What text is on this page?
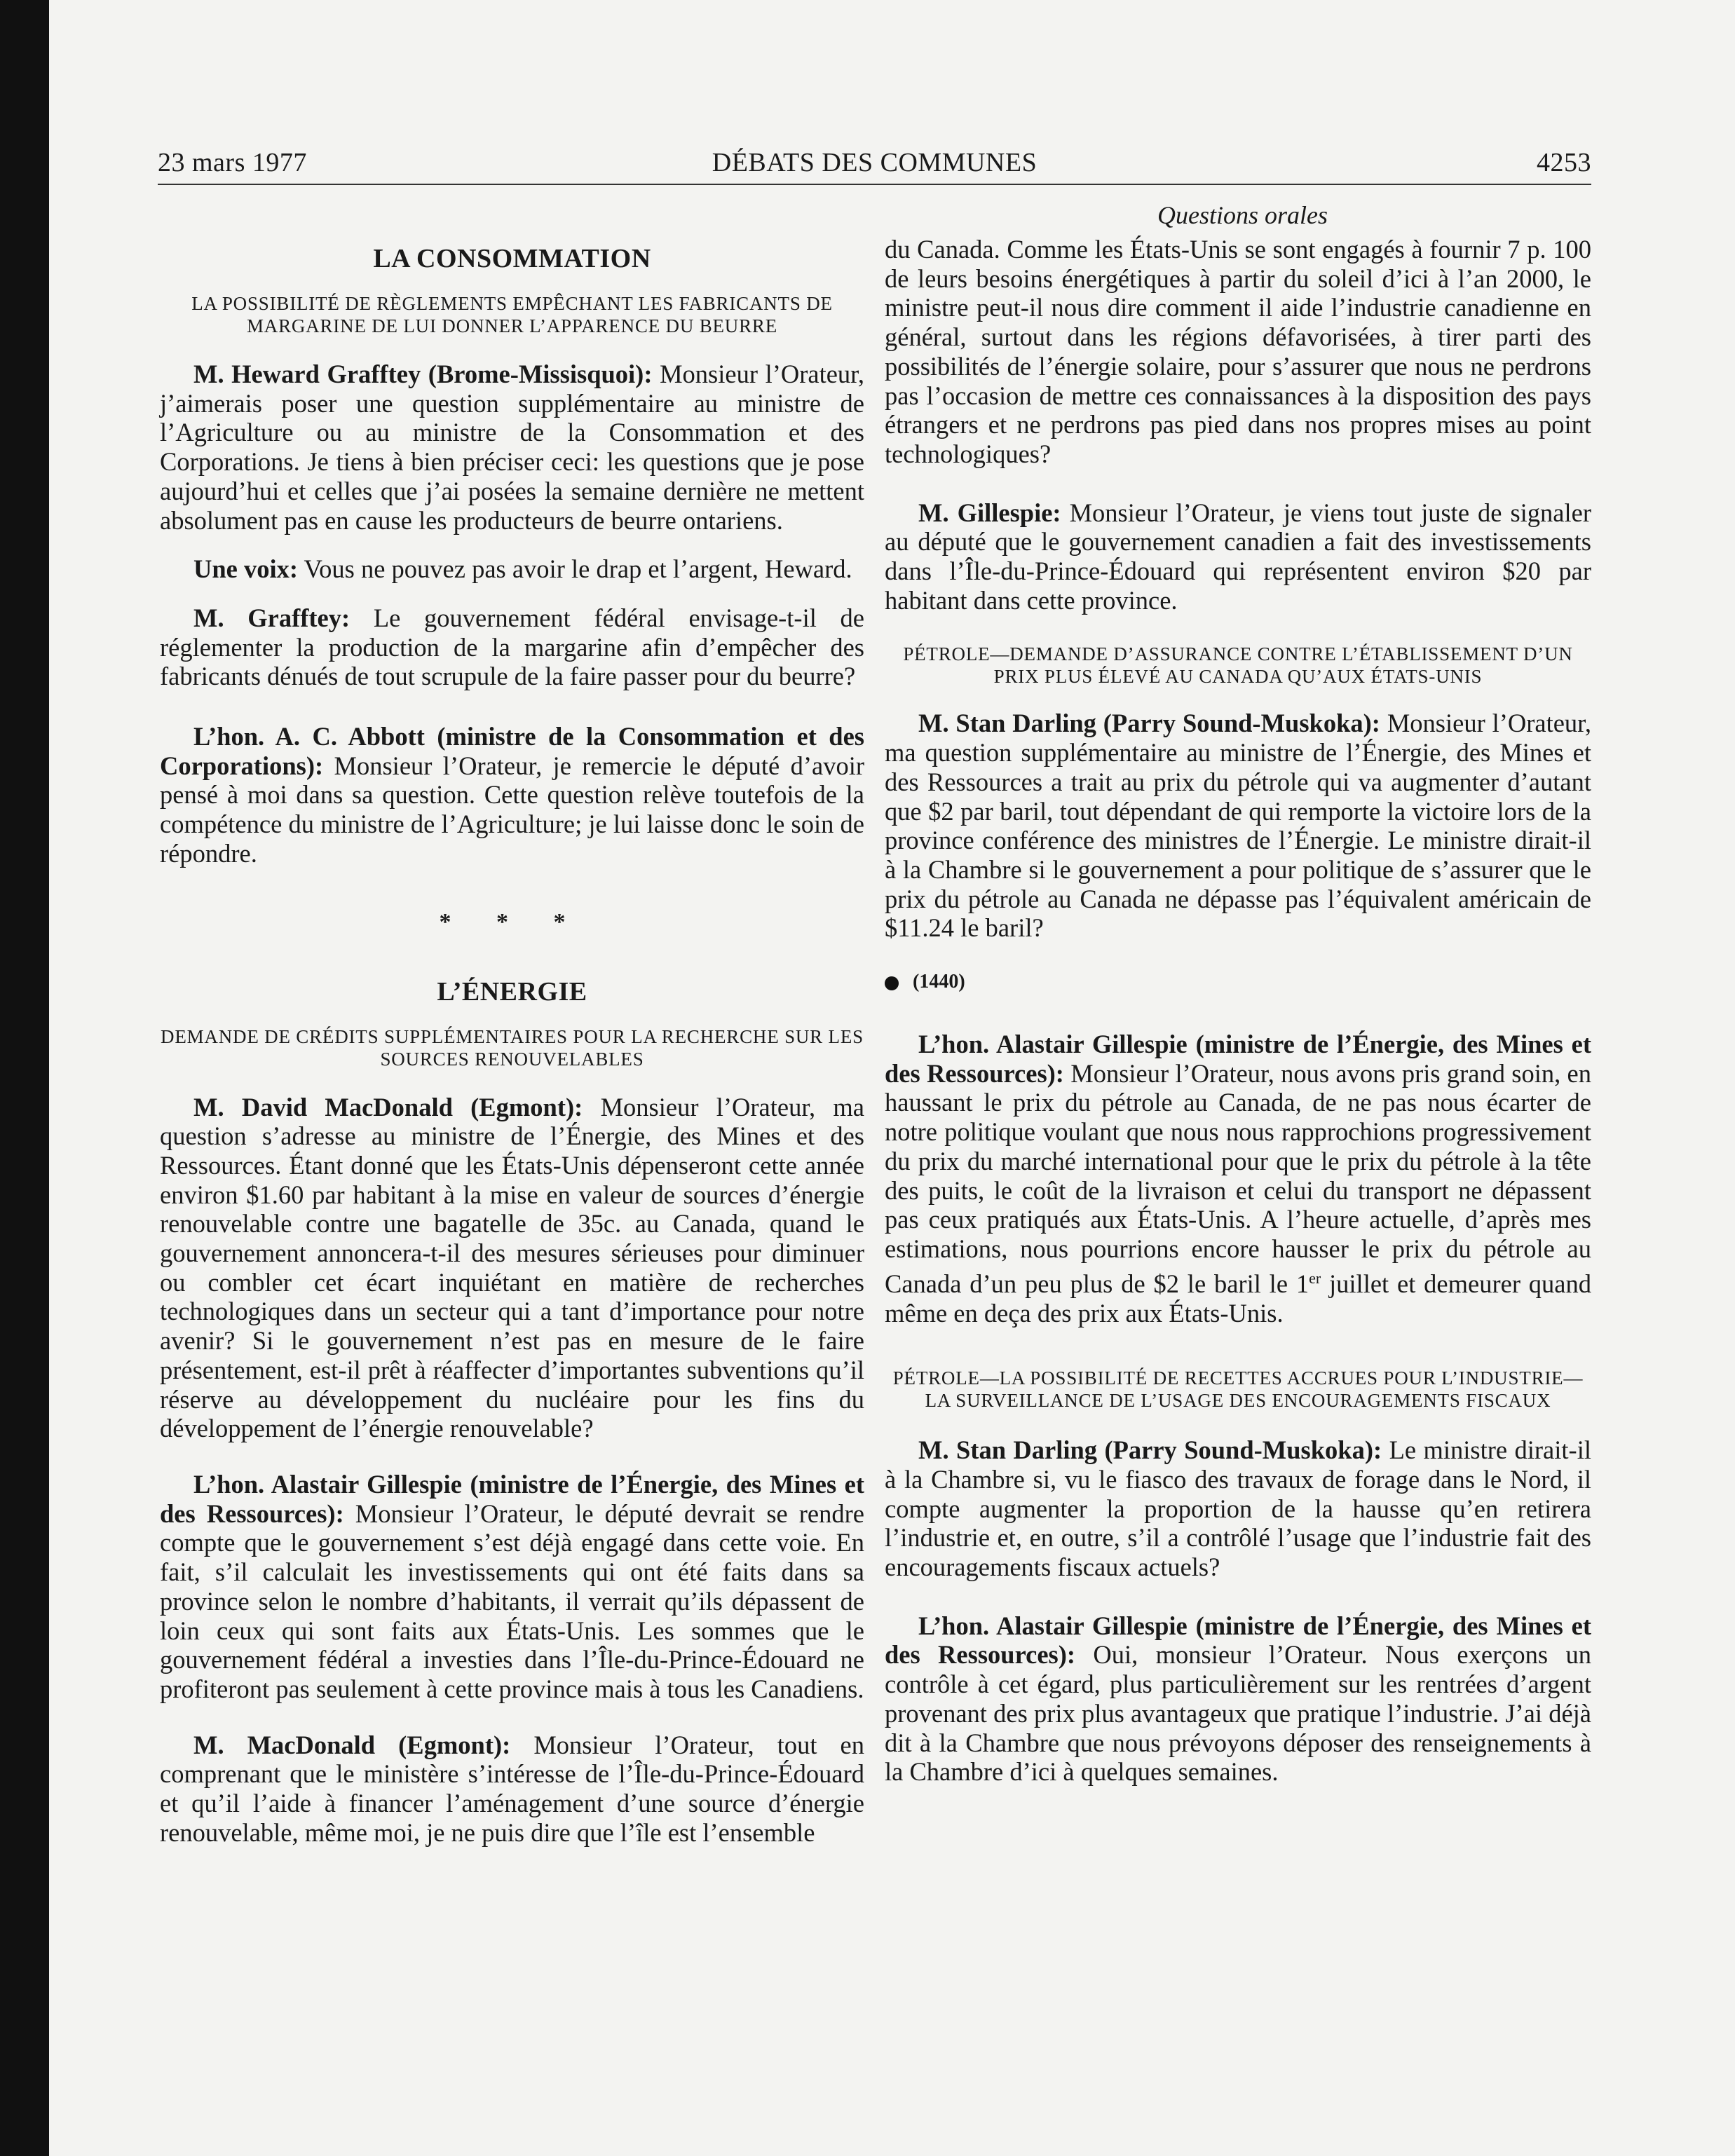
23 mars 1977	DÉBATS DES COMMUNES	4253
Questions orales
LA CONSOMMATION
LA POSSIBILITÉ DE RÈGLEMENTS EMPÊCHANT LES FABRICANTS DE MARGARINE DE LUI DONNER L’APPARENCE DU BEURRE

M. Heward Grafftey (Brome-Missisquoi): Monsieur l’Orateur, j’aimerais poser une question supplémentaire au ministre de l’Agriculture ou au ministre de la Consommation et des Corporations. Je tiens à bien préciser ceci: les questions que je pose aujourd’hui et celles que j’ai posées la semaine dernière ne mettent absolument pas en cause les producteurs de beurre ontariens.

Une voix: Vous ne pouvez pas avoir le drap et l’argent, Heward.

M. Grafftey: Le gouvernement fédéral envisage-t-il de réglementer la production de la margarine afin d’empêcher des fabricants dénués de tout scrupule de la faire passer pour du beurre?

L’hon. A. C. Abbott (ministre de la Consommation et des Corporations): Monsieur l’Orateur, je remercie le député d’avoir pensé à moi dans sa question. Cette question relève toutefois de la compétence du ministre de l’Agriculture; je lui laisse donc le soin de répondre.

* * *
L’ÉNERGIE
DEMANDE DE CRÉDITS SUPPLÉMENTAIRES POUR LA RECHERCHE SUR LES SOURCES RENOUVELABLES

M. David MacDonald (Egmont): Monsieur l’Orateur, ma question s’adresse au ministre de l’Énergie, des Mines et des Ressources. Étant donné que les États-Unis dépenseront cette année environ $1.60 par habitant à la mise en valeur de sources d’énergie renouvelable contre une bagatelle de 35c. au Canada, quand le gouvernement annoncera-t-il des mesures sérieuses pour diminuer ou combler cet écart inquiétant en matière de recherches technologiques dans un secteur qui a tant d’importance pour notre avenir? Si le gouvernement n’est pas en mesure de le faire présentement, est-il prêt à réaffecter d’importantes subventions qu’il réserve au développement du nucléaire pour les fins du développement de l’énergie renouvelable?

L’hon. Alastair Gillespie (ministre de l’Énergie, des Mines et des Ressources): Monsieur l’Orateur, le député devrait se rendre compte que le gouvernement s’est déjà engagé dans cette voie. En fait, s’il calculait les investissements qui ont été faits dans sa province selon le nombre d’habitants, il verrait qu’ils dépassent de loin ceux qui sont faits aux États-Unis. Les sommes que le gouvernement fédéral a investies dans l’Île-du-Prince-Édouard ne profiteront pas seulement à cette province mais à tous les Canadiens.

M. MacDonald (Egmont): Monsieur l’Orateur, tout en comprenant que le ministère s’intéresse de l’Île-du-Prince-Édouard et qu’il l’aide à financer l’aménagement d’une source d’énergie renouvelable, même moi, je ne puis dire que l’île est l’ensemble

du Canada. Comme les États-Unis se sont engagés à fournir 7 p. 100 de leurs besoins énergétiques à partir du soleil d’ici à l’an 2000, le ministre peut-il nous dire comment il aide l’industrie canadienne en général, surtout dans les régions défavorisées, à tirer parti des possibilités de l’énergie solaire, pour s’assurer que nous ne perdrons pas l’occasion de mettre ces connaissances à la disposition des pays étrangers et ne perdrons pas pied dans nos propres mises au point technologiques?

M. Gillespie: Monsieur l’Orateur, je viens tout juste de signaler au député que le gouvernement canadien a fait des investissements dans l’Île-du-Prince-Édouard qui représentent environ $20 par habitant dans cette province.

PÉTROLE—DEMANDE D’ASSURANCE CONTRE L’ÉTABLISSEMENT D’UN PRIX PLUS ÉLEVÉ AU CANADA QU’AUX ÉTATS-UNIS

M. Stan Darling (Parry Sound-Muskoka): Monsieur l’Orateur, ma question supplémentaire au ministre de l’Énergie, des Mines et des Ressources a trait au prix du pétrole qui va augmenter d’autant que $2 par baril, tout dépendant de qui remporte la victoire lors de la province conférence des ministres de l’Énergie. Le ministre dirait-il à la Chambre si le gouvernement a pour politique de s’assurer que le prix du pétrole au Canada ne dépasse pas l’équivalent américain de $11.24 le baril?

(1440)

L’hon. Alastair Gillespie (ministre de l’Énergie, des Mines et des Ressources): Monsieur l’Orateur, nous avons pris grand soin, en haussant le prix du pétrole au Canada, de ne pas nous écarter de notre politique voulant que nous nous rapprochions progressivement du prix du marché international pour que le prix du pétrole à la tête des puits, le coût de la livraison et celui du transport ne dépassent pas ceux pratiqués aux États-Unis. A l’heure actuelle, d’après mes estimations, nous pourrions encore hausser le prix du pétrole au Canada d’un peu plus de $2 le baril le 1er juillet et demeurer quand même en deça des prix aux États-Unis.

PÉTROLE—LA POSSIBILITÉ DE RECETTES ACCRUES POUR L’INDUSTRIE—LA SURVEILLANCE DE L’USAGE DES ENCOURAGEMENTS FISCAUX

M. Stan Darling (Parry Sound-Muskoka): Le ministre dirait-il à la Chambre si, vu le fiasco des travaux de forage dans le Nord, il compte augmenter la proportion de la hausse qu’en retirera l’industrie et, en outre, s’il a contrôlé l’usage que l’industrie fait des encouragements fiscaux actuels?

L’hon. Alastair Gillespie (ministre de l’Énergie, des Mines et des Ressources): Oui, monsieur l’Orateur. Nous exerçons un contrôle à cet égard, plus particulièrement sur les rentrées d’argent provenant des prix plus avantageux que pratique l’industrie. J’ai déjà dit à la Chambre que nous prévoyons déposer des renseignements à la Chambre d’ici à quelques semaines.
